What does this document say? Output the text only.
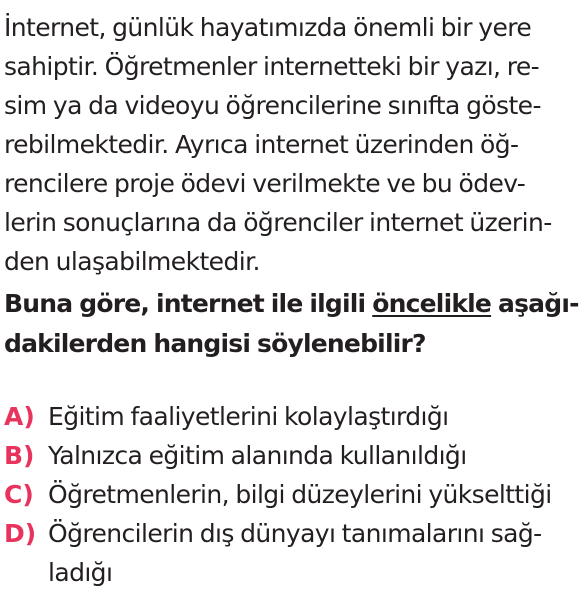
İnternet, günlük hayatımızda önemli bir yere
sahiptir. Öğretmenler internetteki bir yazı, re-
sim ya da videoyu öğrencilerine sınıfta göste-
rebilmektedir. Ayrıca internet üzerinden öğ-
rencilere proje ödevi verilmekte ve bu ödev-
lerin sonuçlarına da öğrenciler internet üzerin-
den ulaşabilmektedir.
Buna göre, internet ile ilgili öncelikle aşağı-
dakilerden hangisi söylenebilir?
A) Eğitim faaliyetlerini kolaylaştırdığı
B) Yalnızca eğitim alanında kullanıldığı
C) Öğretmenlerin, bilgi düzeylerini yükselttiği
D) Öğrencilerin dış dünyayı tanımalarını sağ-
ladığı
